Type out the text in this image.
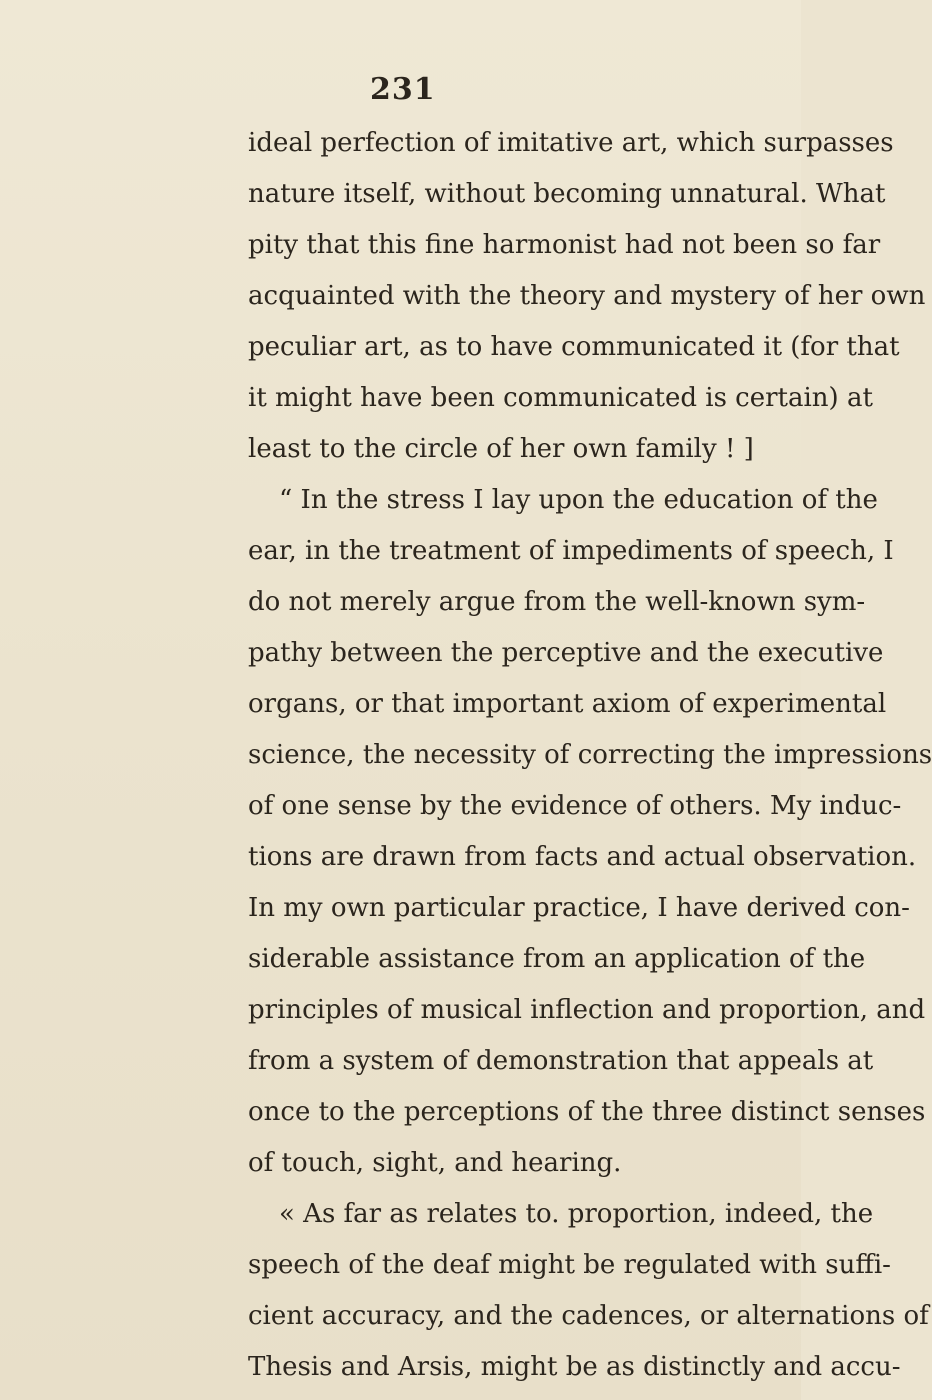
231
ideal perfection of imitative art, which surpasses
nature itself, without becoming unnatural. What
pity that this fine harmonist had not been so far
acquainted with the theory and mystery of her own
peculiar art, as to have communicated it (for that
it might have been communicated is certain) at
least to the circle of her own family ! ]
“ In the stress I lay upon the education of the
ear, in the treatment of impediments of speech, I
do not merely argue from the well-known sym-
pathy between the perceptive and the executive
organs, or that important axiom of experimental
science, the necessity of correcting the impressions
of one sense by the evidence of others. My induc-
tions are drawn from facts and actual observation.
In my own particular practice, I have derived con-
siderable assistance from an application of the
principles of musical inflection and proportion, and
from a system of demonstration that appeals at
once to the perceptions of the three distinct senses
of touch, sight, and hearing.
« As far as relates to. proportion, indeed, the
speech of the deaf might be regulated with suffi-
cient accuracy, and the cadences, or alternations of
Thesis and Arsis, might be as distinctly and accu-
